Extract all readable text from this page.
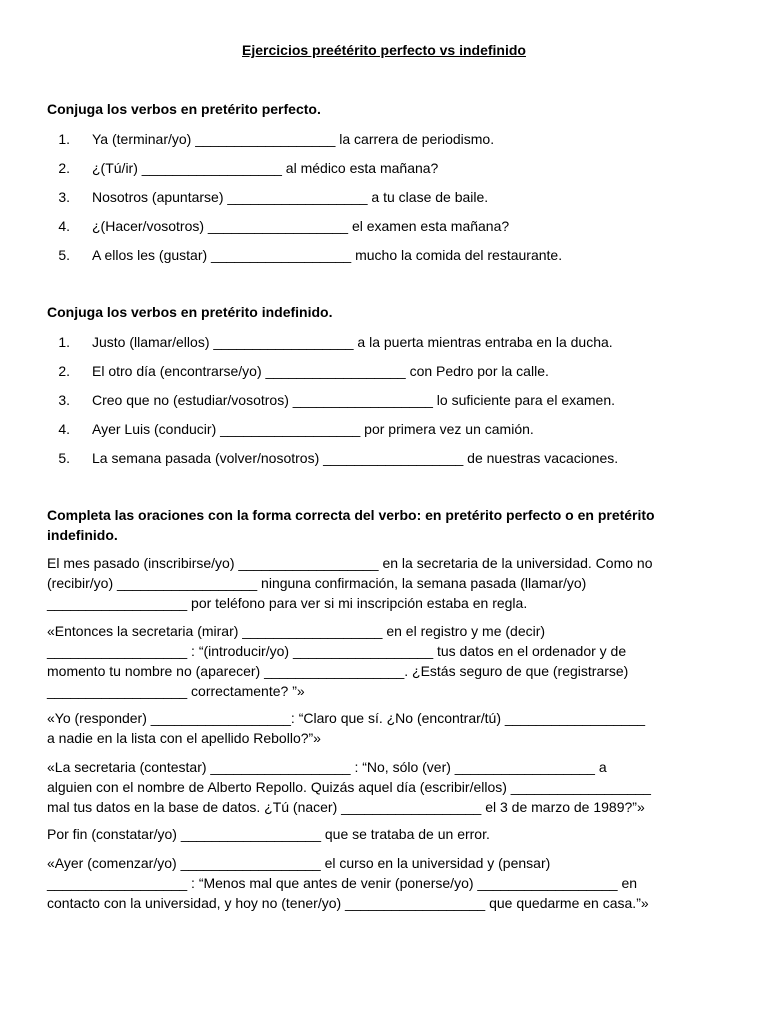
Ejercicios preétérito perfecto vs indefinido

Conjuga los verbos en pretérito perfecto.

1. Ya (terminar/yo) __________________ la carrera de periodismo.
2. ¿(Tú/ir) __________________ al médico esta mañana?
3. Nosotros (apuntarse) __________________ a tu clase de baile.
4. ¿(Hacer/vosotros) __________________ el examen esta mañana?
5. A ellos les (gustar) __________________ mucho la comida del restaurante.

Conjuga los verbos en pretérito indefinido.

1. Justo (llamar/ellos) __________________ a la puerta mientras entraba en la ducha.
2. El otro día (encontrarse/yo) __________________ con Pedro por la calle.
3. Creo que no (estudiar/vosotros) __________________ lo suficiente para el examen.
4. Ayer Luis (conducir) __________________ por primera vez un camión.
5. La semana pasada (volver/nosotros) __________________ de nuestras vacaciones.

Completa las oraciones con la forma correcta del verbo: en pretérito perfecto o en pretérito
indefinido.

El mes pasado (inscribirse/yo) __________________ en la secretaria de la universidad. Como no
(recibir/yo) __________________ ninguna confirmación, la semana pasada (llamar/yo)
__________________ por teléfono para ver si mi inscripción estaba en regla.

«Entonces la secretaria (mirar) __________________ en el registro y me (decir)
__________________ : “(introducir/yo) __________________ tus datos en el ordenador y de
momento tu nombre no (aparecer) __________________. ¿Estás seguro de que (registrarse)
__________________ correctamente? ”»

«Yo (responder) __________________: “Claro que sí. ¿No (encontrar/tú) __________________
a nadie en la lista con el apellido Rebollo?”»

«La secretaria (contestar) __________________ : “No, sólo (ver) __________________ a
alguien con el nombre de Alberto Repollo. Quizás aquel día (escribir/ellos) __________________
mal tus datos en la base de datos. ¿Tú (nacer) __________________ el 3 de marzo de 1989?”»

Por fin (constatar/yo) __________________ que se trataba de un error.

«Ayer (comenzar/yo) __________________ el curso en la universidad y (pensar)
__________________ : “Menos mal que antes de venir (ponerse/yo) __________________ en
contacto con la universidad, y hoy no (tener/yo) __________________ que quedarme en casa.”»
